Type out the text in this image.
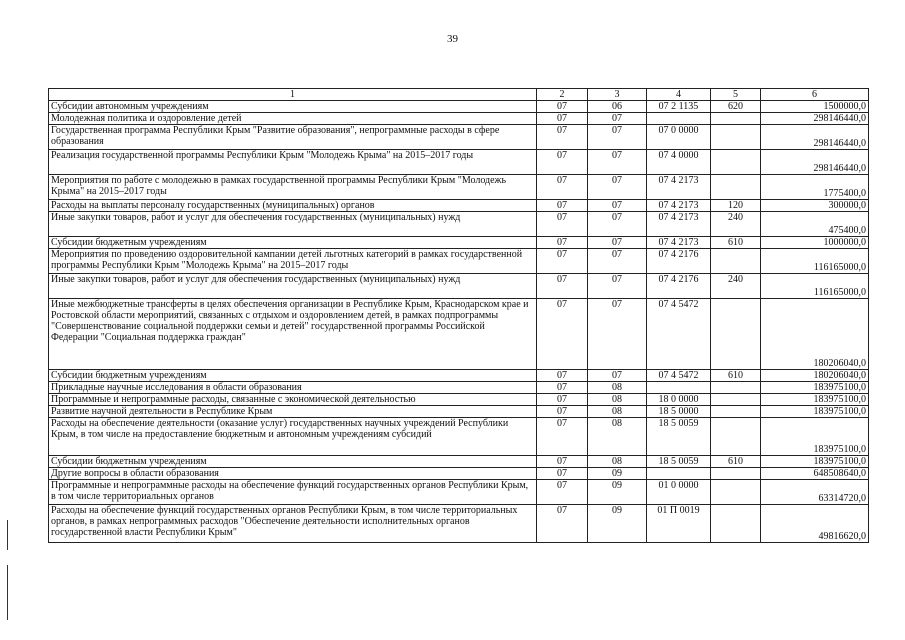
39
1	2	3	4	5	6
Субсидии автономным учреждениям	07	06	07 2 1135	620	1500000,0
Молодежная политика и оздоровление детей	07	07			298146440,0
Государственная программа Республики Крым "Развитие образования", непрограммные расходы в сфере образования	07	07	07 0 0000		298146440,0
Реализация государственной программы Республики Крым "Молодежь Крыма" на 2015–2017 годы	07	07	07 4 0000		298146440,0
Мероприятия по работе с молодежью в рамках государственной программы Республики Крым "Молодежь Крыма" на 2015–2017 годы	07	07	07 4 2173		1775400,0
Расходы на выплаты персоналу государственных (муниципальных) органов	07	07	07 4 2173	120	300000,0
Иные закупки товаров, работ и услуг для обеспечения государственных (муниципальных) нужд	07	07	07 4 2173	240	475400,0
Субсидии бюджетным учреждениям	07	07	07 4 2173	610	1000000,0
Мероприятия по проведению оздоровительной кампании детей льготных категорий в рамках государственной программы Республики Крым "Молодежь Крыма" на 2015–2017 годы	07	07	07 4 2176		116165000,0
Иные закупки товаров, работ и услуг для обеспечения государственных (муниципальных) нужд	07	07	07 4 2176	240	116165000,0
Иные межбюджетные трансферты в целях обеспечения организации в Республике Крым, Краснодарском крае и Ростовской области мероприятий, связанных с отдыхом и оздоровлением детей, в рамках подпрограммы "Совершенствование социальной поддержки семьи и детей" государственной программы Российской Федерации "Социальная поддержка граждан"	07	07	07 4 5472		180206040,0
Субсидии бюджетным учреждениям	07	07	07 4 5472	610	180206040,0
Прикладные научные исследования в области образования	07	08			183975100,0
Программные и непрограммные расходы, связанные с экономической деятельностью	07	08	18 0 0000		183975100,0
Развитие научной деятельности в Республике Крым	07	08	18 5 0000		183975100,0
Расходы на обеспечение деятельности (оказание услуг) государственных научных учреждений Республики Крым, в том числе на предоставление бюджетным и автономным учреждениям субсидий	07	08	18 5 0059		183975100,0
Субсидии бюджетным учреждениям	07	08	18 5 0059	610	183975100,0
Другие вопросы в области образования	07	09			648508640,0
Программные и непрограммные расходы на обеспечение функций государственных органов Республики Крым, в том числе территориальных органов	07	09	01 0 0000		63314720,0
Расходы на обеспечение функций государственных органов Республики Крым, в том числе территориальных органов, в рамках непрограммных расходов "Обеспечение деятельности исполнительных органов государственной власти Республики Крым"	07	09	01 П 0019		49816620,0
